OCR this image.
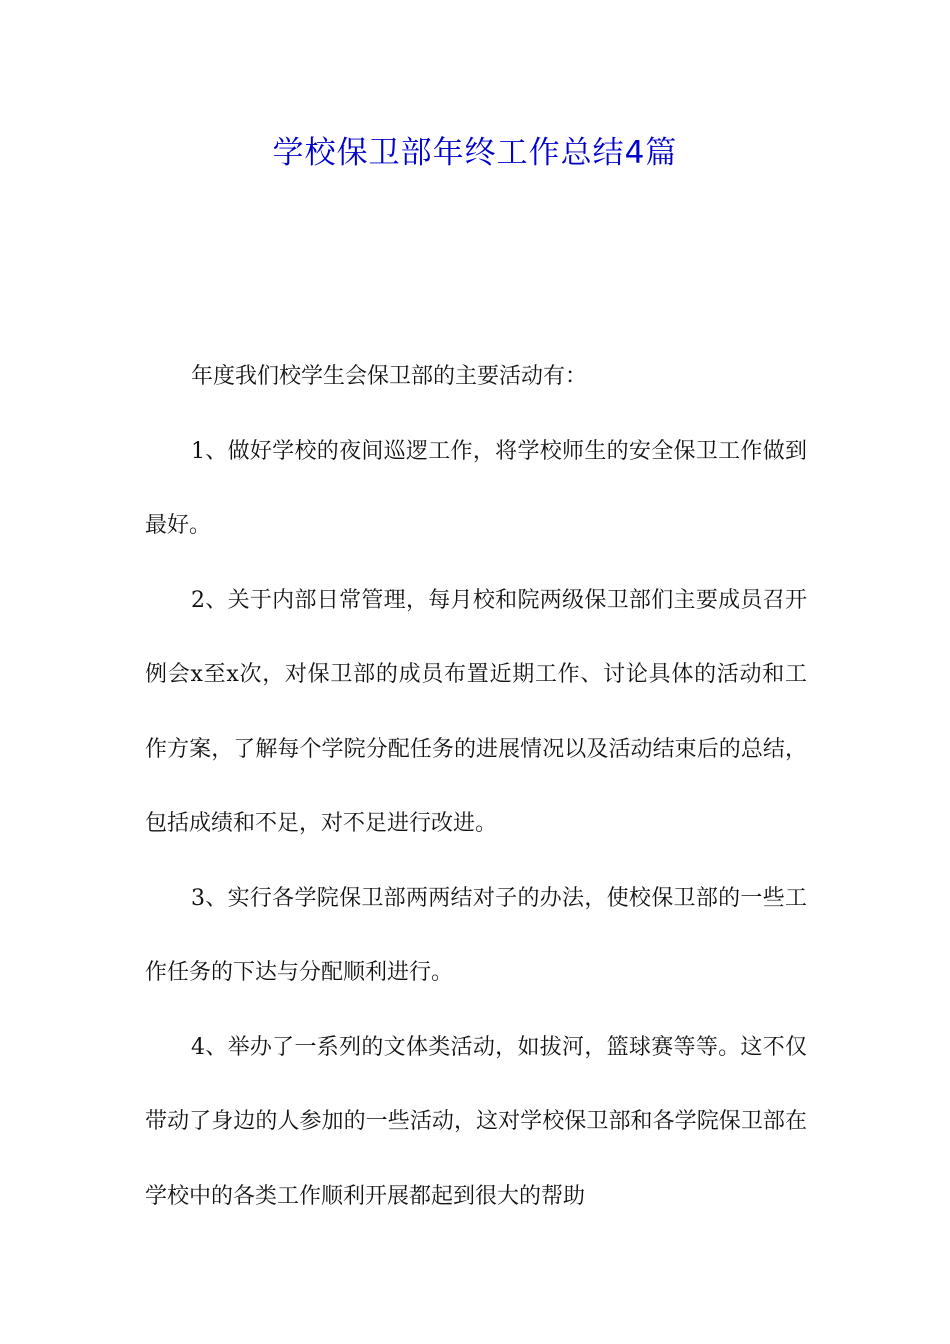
学校保卫部年终工作总结4篇

年度我们校学生会保卫部的主要活动有：

1、做好学校的夜间巡逻工作，将学校师生的安全保卫工作做到最好。

2、关于内部日常管理，每月校和院两级保卫部们主要成员召开例会x至x次，对保卫部的成员布置近期工作、讨论具体的活动和工作方案，了解每个学院分配任务的进展情况以及活动结束后的总结，包括成绩和不足，对不足进行改进。

3、实行各学院保卫部两两结对子的办法，使校保卫部的一些工作任务的下达与分配顺利进行。

4、举办了一系列的文体类活动，如拔河，篮球赛等等。这不仅带动了身边的人参加的一些活动，这对学校保卫部和各学院保卫部在学校中的各类工作顺利开展都起到很大的帮助
